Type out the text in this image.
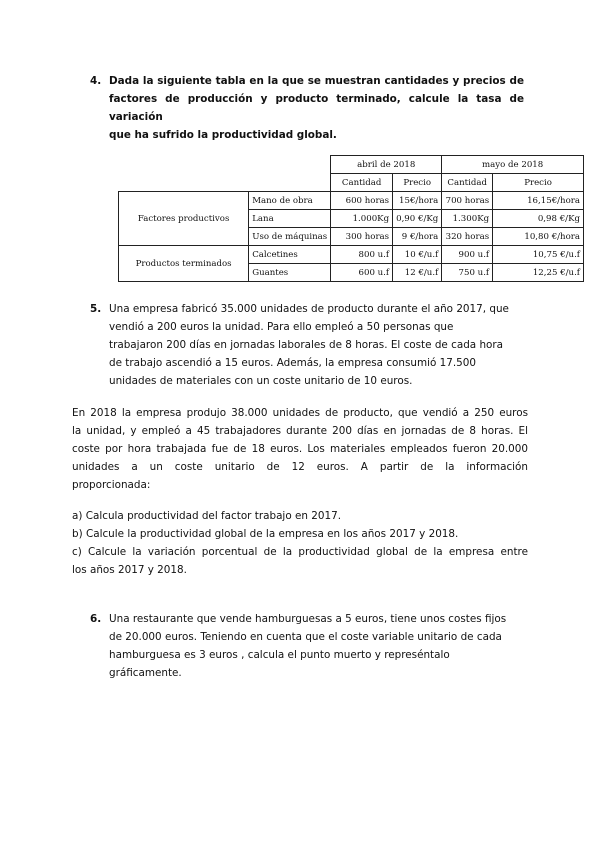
4. Dada la siguiente tabla en la que se muestran cantidades y precios de

factores de producción y producto terminado, calcule la tasa de variación

que ha sufrido la productividad global.

		abril de 2018		mayo de 2018	
		Cantidad	Precio	Cantidad	Precio
Factores productivos	Mano de obra	600 horas	15€/hora	700 horas	16,15€/hora
	Lana	1.000Kg	0,90 €/Kg	1.300Kg	0,98 €/Kg
	Uso de máquinas	300 horas	9 €/hora	320 horas	10,80 €/hora
Productos terminados	Calcetines	800 u.f	10 €/u.f	900 u.f	10,75 €/u.f
	Guantes	600 u.f	12 €/u.f	750 u.f	12,25 €/u.f
5. Una empresa fabricó 35.000 unidades de producto durante el año 2017, que

vendió a 200 euros la unidad. Para ello empleó a 50 personas que

trabajaron 200 días en jornadas laborales de 8 horas. El coste de cada hora

de trabajo ascendió a 15 euros. Además, la empresa consumió 17.500

unidades de materiales con un coste unitario de 10 euros.

En 2018 la empresa produjo 38.000 unidades de producto, que vendió a 250 euros

la unidad, y empleó a 45 trabajadores durante 200 días en jornadas de 8 horas. El

coste por hora trabajada fue de 18 euros. Los materiales empleados fueron 20.000

unidades a un coste unitario de 12 euros. A partir de la información

proporcionada:

a) Calcula productividad del factor trabajo en 2017.

b) Calcule la productividad global de la empresa en los años 2017 y 2018.

c) Calcule la variación porcentual de la productividad global de la empresa entre

los años 2017 y 2018.

6. Una restaurante que vende hamburguesas a 5 euros, tiene unos costes fijos

de 20.000 euros. Teniendo en cuenta que el coste variable unitario de cada

hamburguesa es 3 euros , calcula el punto muerto y represéntalo

gráficamente.
